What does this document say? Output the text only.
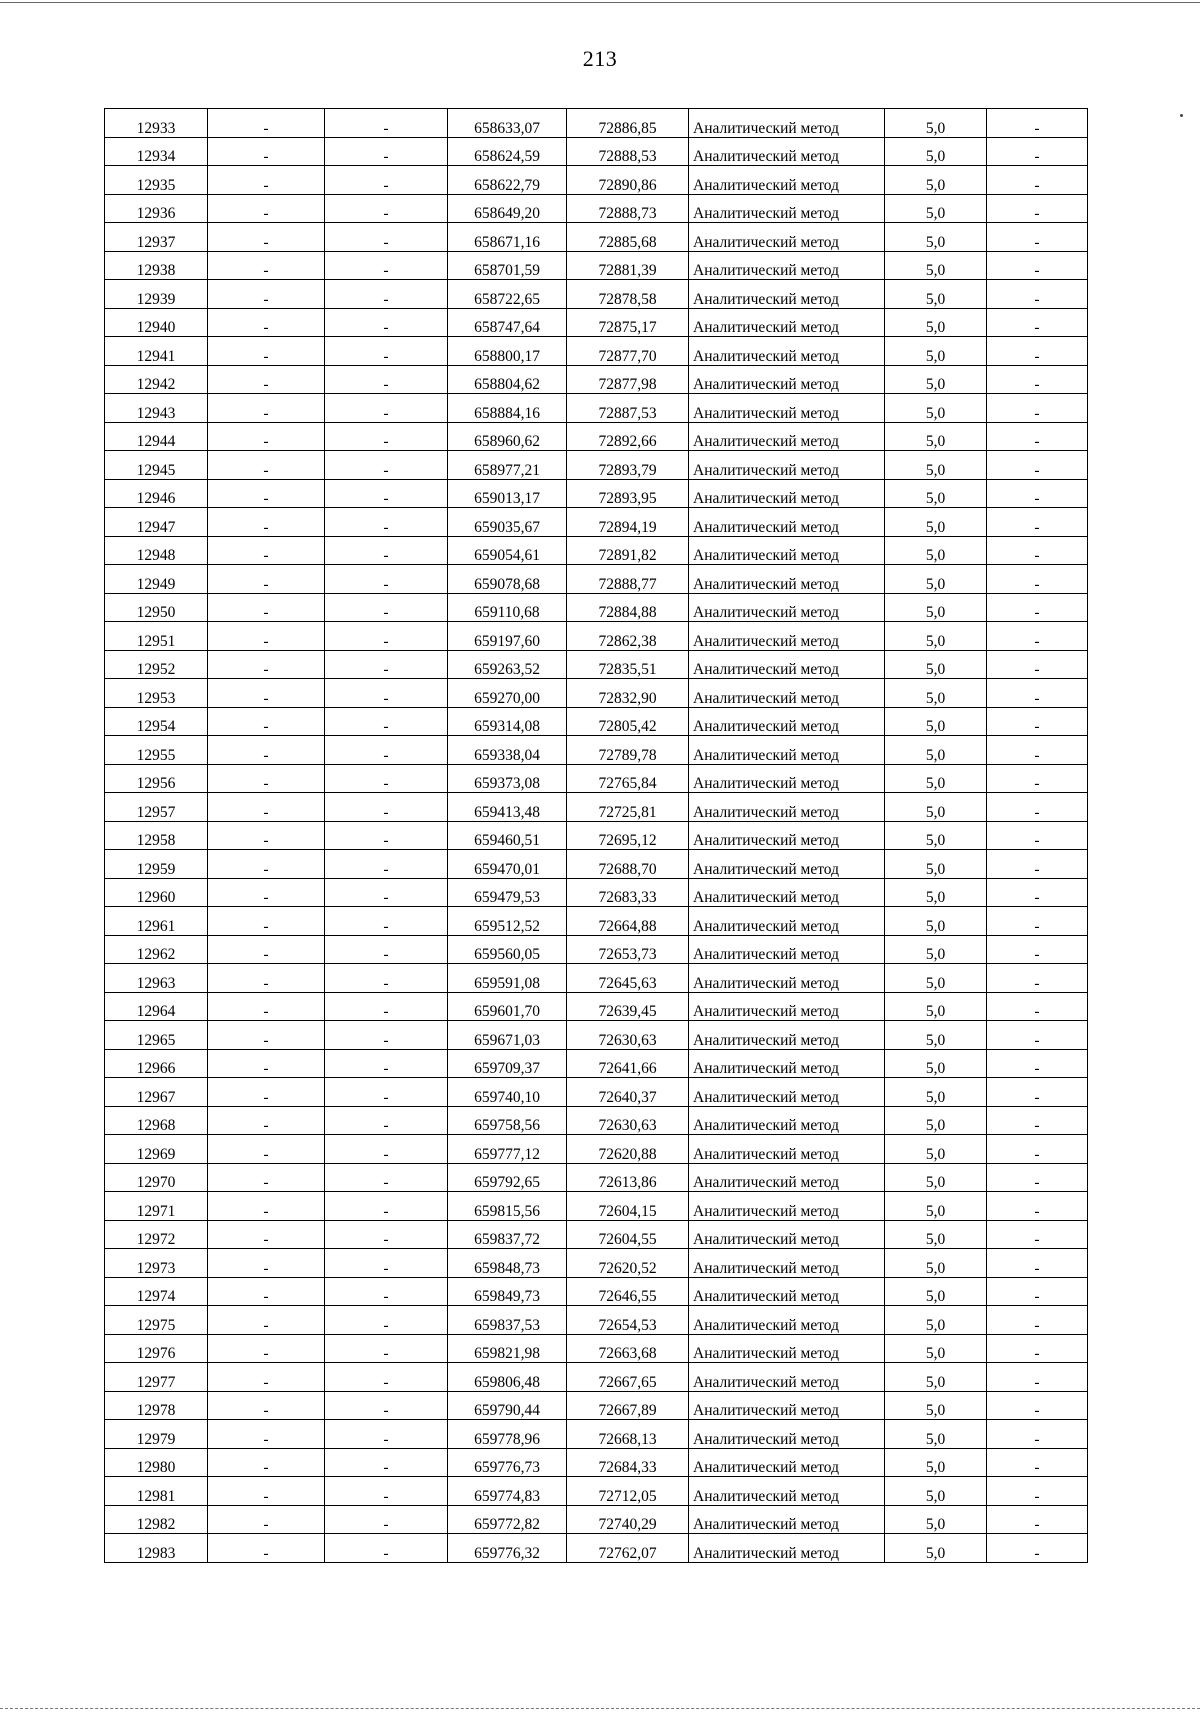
213
12933	-	-	658633,07	72886,85	Аналитический метод	5,0	-
12934	-	-	658624,59	72888,53	Аналитический метод	5,0	-
12935	-	-	658622,79	72890,86	Аналитический метод	5,0	-
12936	-	-	658649,20	72888,73	Аналитический метод	5,0	-
12937	-	-	658671,16	72885,68	Аналитический метод	5,0	-
12938	-	-	658701,59	72881,39	Аналитический метод	5,0	-
12939	-	-	658722,65	72878,58	Аналитический метод	5,0	-
12940	-	-	658747,64	72875,17	Аналитический метод	5,0	-
12941	-	-	658800,17	72877,70	Аналитический метод	5,0	-
12942	-	-	658804,62	72877,98	Аналитический метод	5,0	-
12943	-	-	658884,16	72887,53	Аналитический метод	5,0	-
12944	-	-	658960,62	72892,66	Аналитический метод	5,0	-
12945	-	-	658977,21	72893,79	Аналитический метод	5,0	-
12946	-	-	659013,17	72893,95	Аналитический метод	5,0	-
12947	-	-	659035,67	72894,19	Аналитический метод	5,0	-
12948	-	-	659054,61	72891,82	Аналитический метод	5,0	-
12949	-	-	659078,68	72888,77	Аналитический метод	5,0	-
12950	-	-	659110,68	72884,88	Аналитический метод	5,0	-
12951	-	-	659197,60	72862,38	Аналитический метод	5,0	-
12952	-	-	659263,52	72835,51	Аналитический метод	5,0	-
12953	-	-	659270,00	72832,90	Аналитический метод	5,0	-
12954	-	-	659314,08	72805,42	Аналитический метод	5,0	-
12955	-	-	659338,04	72789,78	Аналитический метод	5,0	-
12956	-	-	659373,08	72765,84	Аналитический метод	5,0	-
12957	-	-	659413,48	72725,81	Аналитический метод	5,0	-
12958	-	-	659460,51	72695,12	Аналитический метод	5,0	-
12959	-	-	659470,01	72688,70	Аналитический метод	5,0	-
12960	-	-	659479,53	72683,33	Аналитический метод	5,0	-
12961	-	-	659512,52	72664,88	Аналитический метод	5,0	-
12962	-	-	659560,05	72653,73	Аналитический метод	5,0	-
12963	-	-	659591,08	72645,63	Аналитический метод	5,0	-
12964	-	-	659601,70	72639,45	Аналитический метод	5,0	-
12965	-	-	659671,03	72630,63	Аналитический метод	5,0	-
12966	-	-	659709,37	72641,66	Аналитический метод	5,0	-
12967	-	-	659740,10	72640,37	Аналитический метод	5,0	-
12968	-	-	659758,56	72630,63	Аналитический метод	5,0	-
12969	-	-	659777,12	72620,88	Аналитический метод	5,0	-
12970	-	-	659792,65	72613,86	Аналитический метод	5,0	-
12971	-	-	659815,56	72604,15	Аналитический метод	5,0	-
12972	-	-	659837,72	72604,55	Аналитический метод	5,0	-
12973	-	-	659848,73	72620,52	Аналитический метод	5,0	-
12974	-	-	659849,73	72646,55	Аналитический метод	5,0	-
12975	-	-	659837,53	72654,53	Аналитический метод	5,0	-
12976	-	-	659821,98	72663,68	Аналитический метод	5,0	-
12977	-	-	659806,48	72667,65	Аналитический метод	5,0	-
12978	-	-	659790,44	72667,89	Аналитический метод	5,0	-
12979	-	-	659778,96	72668,13	Аналитический метод	5,0	-
12980	-	-	659776,73	72684,33	Аналитический метод	5,0	-
12981	-	-	659774,83	72712,05	Аналитический метод	5,0	-
12982	-	-	659772,82	72740,29	Аналитический метод	5,0	-
12983	-	-	659776,32	72762,07	Аналитический метод	5,0	-
